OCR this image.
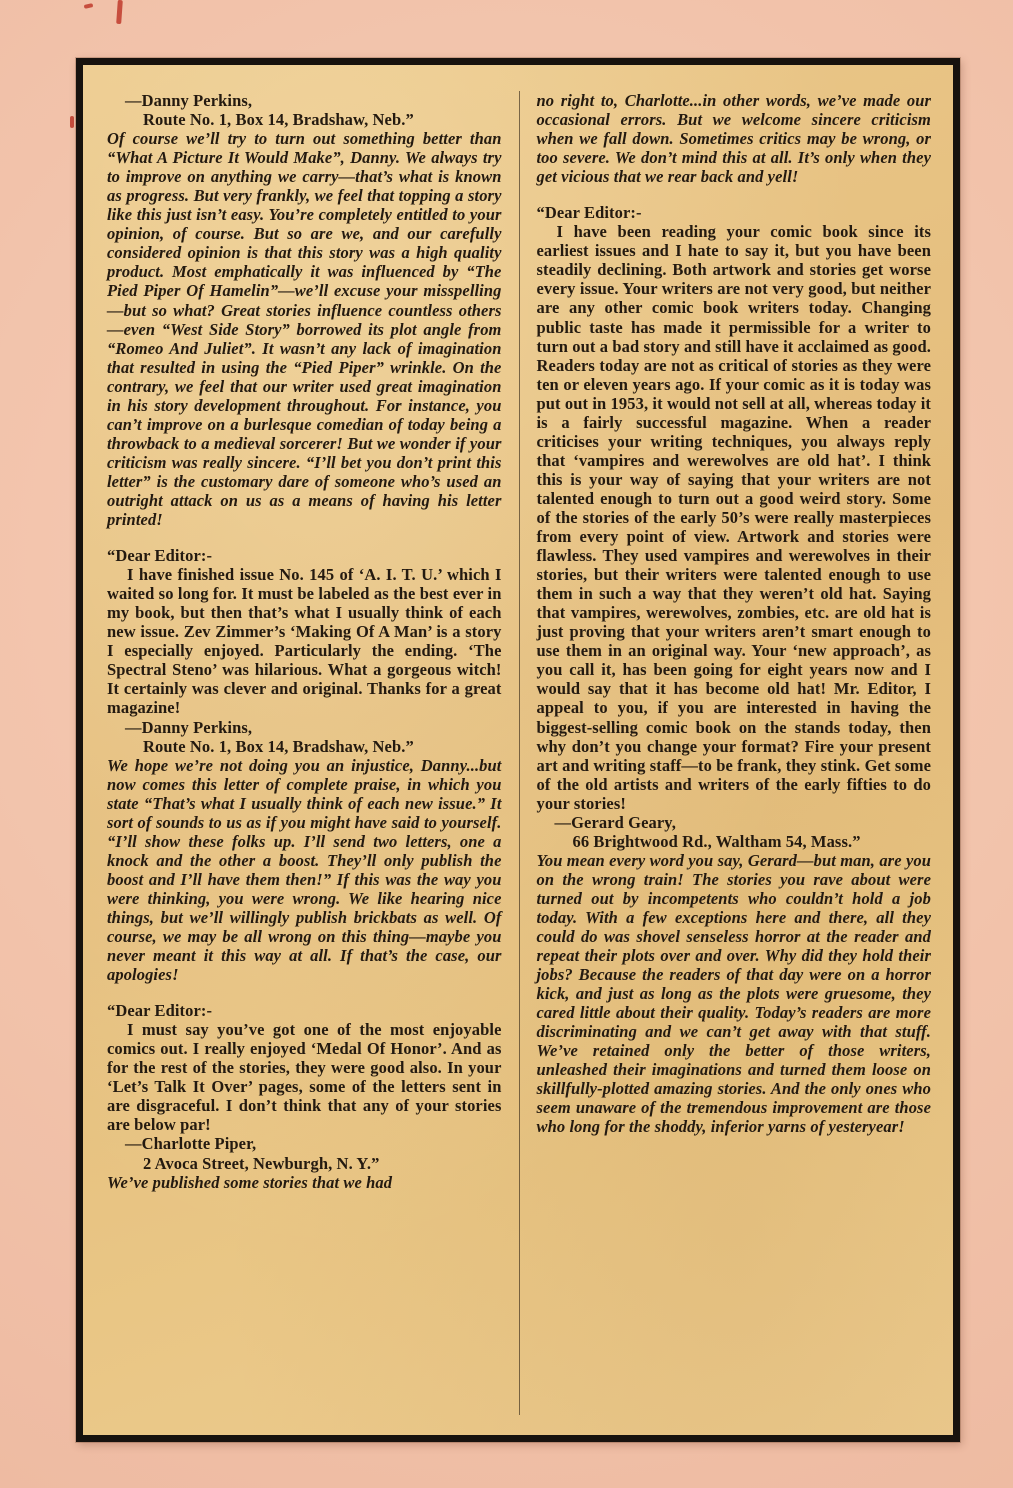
—Danny Perkins,

Route No. 1, Box 14, Bradshaw, Neb.”

Of course we’ll try to turn out something better than “What A Picture It Would Make”, Danny. We always try to improve on anything we carry—that’s what is known as progress. But very frankly, we feel that topping a story like this just isn’t easy. You’re completely entitled to your opinion, of course. But so are we, and our carefully considered opinion is that this story was a high quality product. Most emphatically it was influenced by “The Pied Piper Of Hamelin”—we’ll excuse your misspelling—but so what? Great stories influence countless others—even “West Side Story” borrowed its plot angle from “Romeo And Juliet”. It wasn’t any lack of imagination that resulted in using the “Pied Piper” wrinkle. On the contrary, we feel that our writer used great imagination in his story development throughout. For instance, you can’t improve on a burlesque comedian of today being a throwback to a medieval sorcerer! But we wonder if your criticism was really sincere. “I’ll bet you don’t print this letter” is the customary dare of someone who’s used an outright attack on us as a means of having his letter printed!

“Dear Editor:-

I have finished issue No. 145 of ‘A. I. T. U.’ which I waited so long for. It must be labeled as the best ever in my book, but then that’s what I usually think of each new issue. Zev Zimmer’s ‘Making Of A Man’ is a story I especially enjoyed. Particularly the ending. ‘The Spectral Steno’ was hilarious. What a gorgeous witch! It certainly was clever and original. Thanks for a great magazine!

—Danny Perkins,

Route No. 1, Box 14, Bradshaw, Neb.”

We hope we’re not doing you an injustice, Danny...but now comes this letter of complete praise, in which you state “That’s what I usually think of each new issue.” It sort of sounds to us as if you might have said to yourself. “I’ll show these folks up. I’ll send two letters, one a knock and the other a boost. They’ll only publish the boost and I’ll have them then!” If this was the way you were thinking, you were wrong. We like hearing nice things, but we’ll willingly publish brickbats as well. Of course, we may be all wrong on this thing—maybe you never meant it this way at all. If that’s the case, our apologies!

“Dear Editor:-

I must say you’ve got one of the most enjoyable comics out. I really enjoyed ‘Medal Of Honor’. And as for the rest of the stories, they were good also. In your ‘Let’s Talk It Over’ pages, some of the letters sent in are disgraceful. I don’t think that any of your stories are below par!

—Charlotte Piper,

2 Avoca Street, Newburgh, N. Y.”

We’ve published some stories that we had

no right to, Charlotte...in other words, we’ve made our occasional errors. But we welcome sincere criticism when we fall down. Sometimes critics may be wrong, or too severe. We don’t mind this at all. It’s only when they get vicious that we rear back and yell!

“Dear Editor:-

I have been reading your comic book since its earliest issues and I hate to say it, but you have been steadily declining. Both artwork and stories get worse every issue. Your writers are not very good, but neither are any other comic book writers today. Changing public taste has made it permissible for a writer to turn out a bad story and still have it acclaimed as good. Readers today are not as critical of stories as they were ten or eleven years ago. If your comic as it is today was put out in 1953, it would not sell at all, whereas today it is a fairly successful magazine. When a reader criticises your writing techniques, you always reply that ‘vampires and werewolves are old hat’. I think this is your way of saying that your writers are not talented enough to turn out a good weird story. Some of the stories of the early 50’s were really masterpieces from every point of view. Artwork and stories were flawless. They used vampires and werewolves in their stories, but their writers were talented enough to use them in such a way that they weren’t old hat. Saying that vampires, werewolves, zombies, etc. are old hat is just proving that your writers aren’t smart enough to use them in an original way. Your ‘new approach’, as you call it, has been going for eight years now and I would say that it has become old hat! Mr. Editor, I appeal to you, if you are interested in having the biggest-selling comic book on the stands today, then why don’t you change your format? Fire your present art and writing staff—to be frank, they stink. Get some of the old artists and writers of the early fifties to do your stories!

—Gerard Geary,

66 Brightwood Rd., Waltham 54, Mass.”

You mean every word you say, Gerard—but man, are you on the wrong train! The stories you rave about were turned out by incompetents who couldn’t hold a job today. With a few exceptions here and there, all they could do was shovel senseless horror at the reader and repeat their plots over and over. Why did they hold their jobs? Because the readers of that day were on a horror kick, and just as long as the plots were gruesome, they cared little about their quality. Today’s readers are more discriminating and we can’t get away with that stuff. We’ve retained only the better of those writers, unleashed their imaginations and turned them loose on skillfully-plotted amazing stories. And the only ones who seem unaware of the tremendous improvement are those who long for the shoddy, inferior yarns of yesteryear!
